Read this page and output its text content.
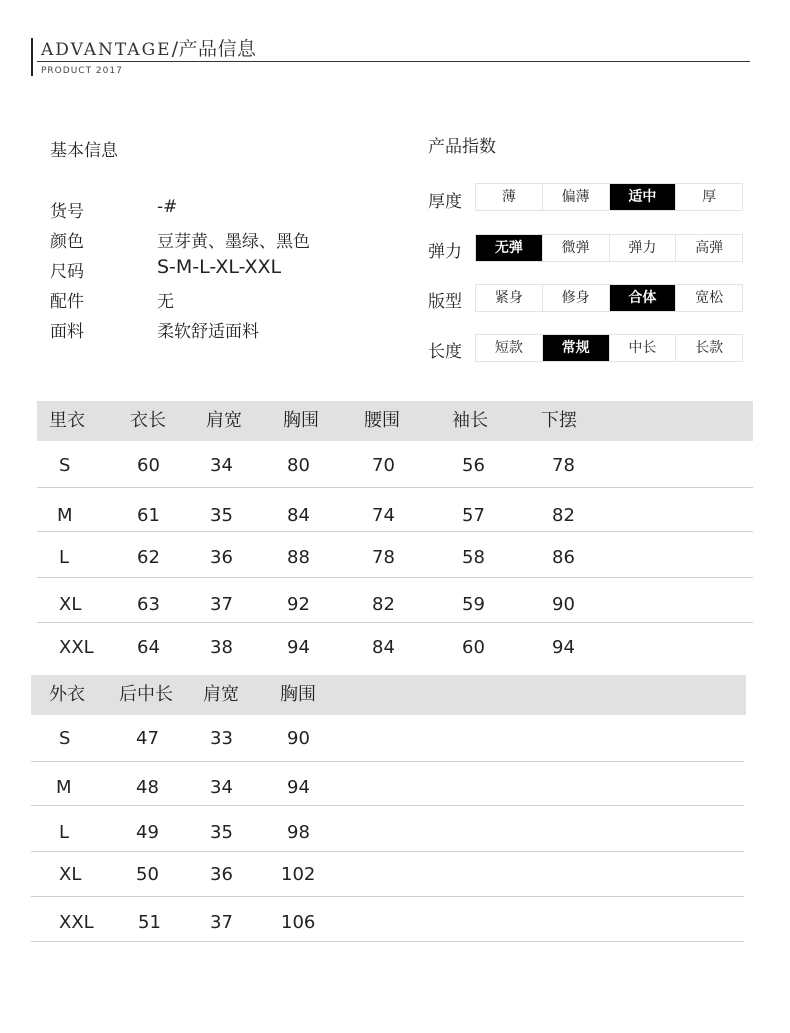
ADVANTAGE/产品信息
PRODUCT 2017
基本信息
货号	-#
颜色	豆芽黄、墨绿、黑色
尺码	S-M-L-XL-XXL
配件	无
面料	柔软舒适面料
产品指数
厚度	薄	偏薄	适中	厚
弹力	无弹	微弹	弹力	高弹
版型	紧身	修身	合体	宽松
长度	短款	常规	中长	长款
里衣	衣长 肩宽 胸围	腰围	袖长	下摆
S	60	34	80	70	56	78
M	61	35	84	74	57	82
L	62	36	88	78	58	86
XL	63	37	92	82	59	90
XXL 64	38	94	84	60	94
外衣 后中长 肩宽 胸围
S	47	33	90
M	48	34	94
L	49	35	98
XL	50	36	102
XXL 51	37	106
